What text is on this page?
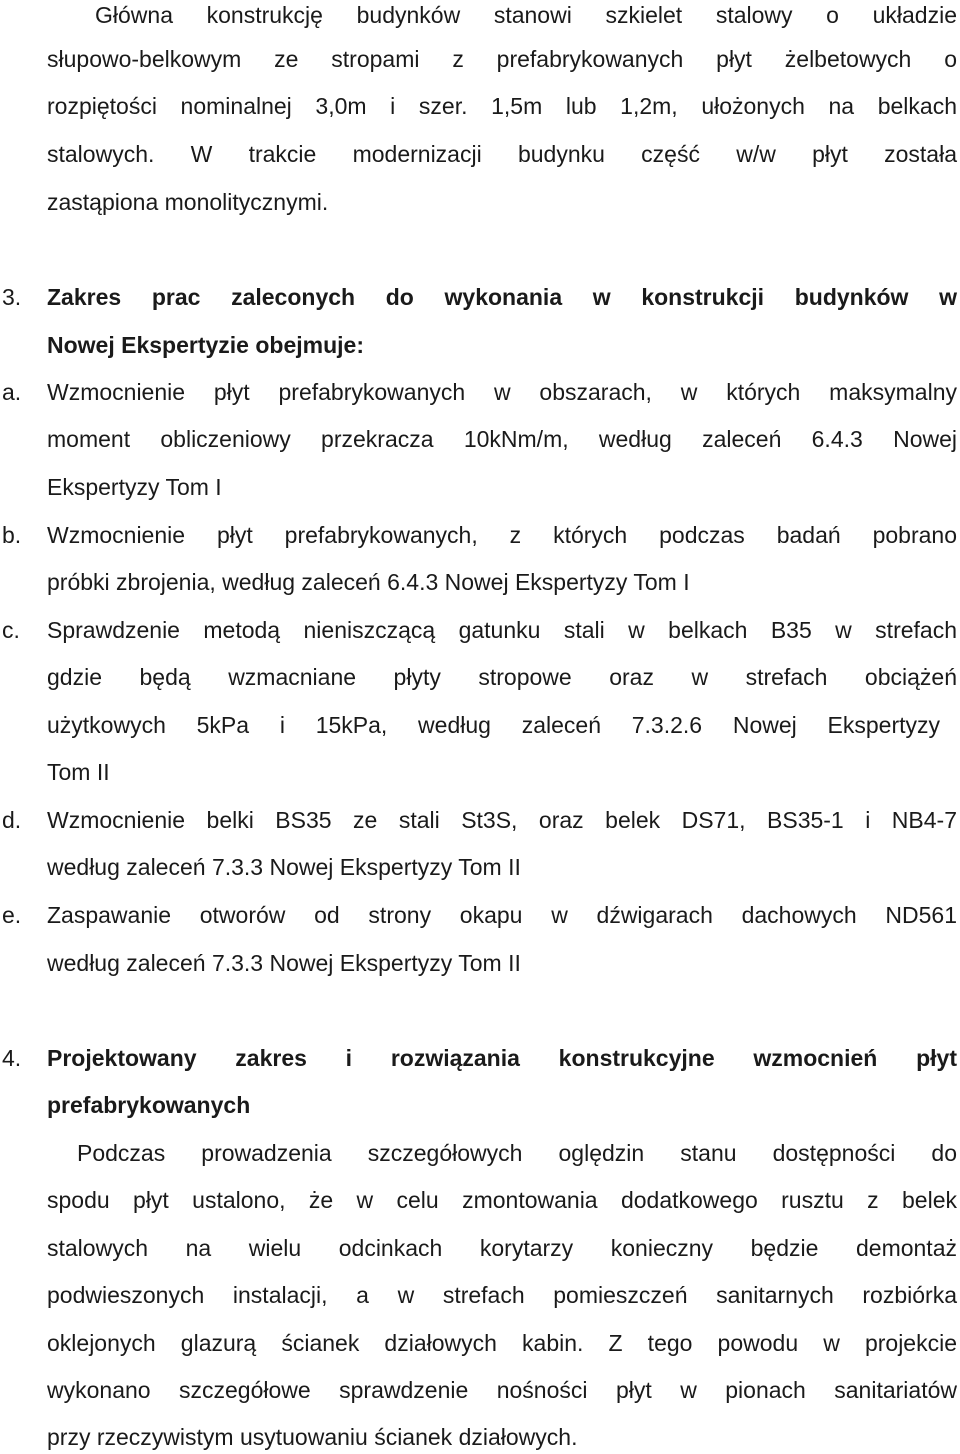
Główna konstrukcję budynków stanowi szkielet stalowy o układzie
słupowo-belkowym ze stropami z prefabrykowanych płyt żelbetowych o
rozpiętości nominalnej 3,0m i szer. 1,5m lub 1,2m, ułożonych na belkach
stalowych. W trakcie modernizacji budynku część w/w płyt została
zastąpiona monolitycznymi.
3.	Zakres prac zaleconych do wykonania w konstrukcji budynków w
Nowej Ekspertyzie obejmuje:
a.	Wzmocnienie płyt prefabrykowanych w obszarach, w których maksymalny
moment obliczeniowy przekracza 10kNm/m, według zaleceń 6.4.3 Nowej
Ekspertyzy Tom I
b.	Wzmocnienie płyt prefabrykowanych, z których podczas badań pobrano
próbki zbrojenia, według zaleceń 6.4.3 Nowej Ekspertyzy Tom I
c.	Sprawdzenie metodą nieniszczącą gatunku stali w belkach B35 w strefach
gdzie będą wzmacniane płyty stropowe oraz w strefach obciążeń
użytkowych 5kPa i 15kPa, według zaleceń 7.3.2.6 Nowej Ekspertyzy
Tom II
d.	Wzmocnienie belki BS35 ze stali St3S, oraz belek DS71, BS35-1 i NB4-7
według zaleceń 7.3.3 Nowej Ekspertyzy Tom II
e.	Zaspawanie otworów od strony okapu w dźwigarach dachowych ND561
według zaleceń 7.3.3 Nowej Ekspertyzy Tom II
4.	Projektowany zakres i rozwiązania konstrukcyjne wzmocnień płyt
prefabrykowanych
Podczas prowadzenia szczegółowych oględzin stanu dostępności do
spodu płyt ustalono, że w celu zmontowania dodatkowego rusztu z belek
stalowych na wielu odcinkach korytarzy konieczny będzie demontaż
podwieszonych instalacji, a w strefach pomieszczeń sanitarnych rozbiórka
oklejonych glazurą ścianek działowych kabin. Z tego powodu w projekcie
wykonano szczegółowe sprawdzenie nośności płyt w pionach sanitariatów
przy rzeczywistym usytuowaniu ścianek działowych.
